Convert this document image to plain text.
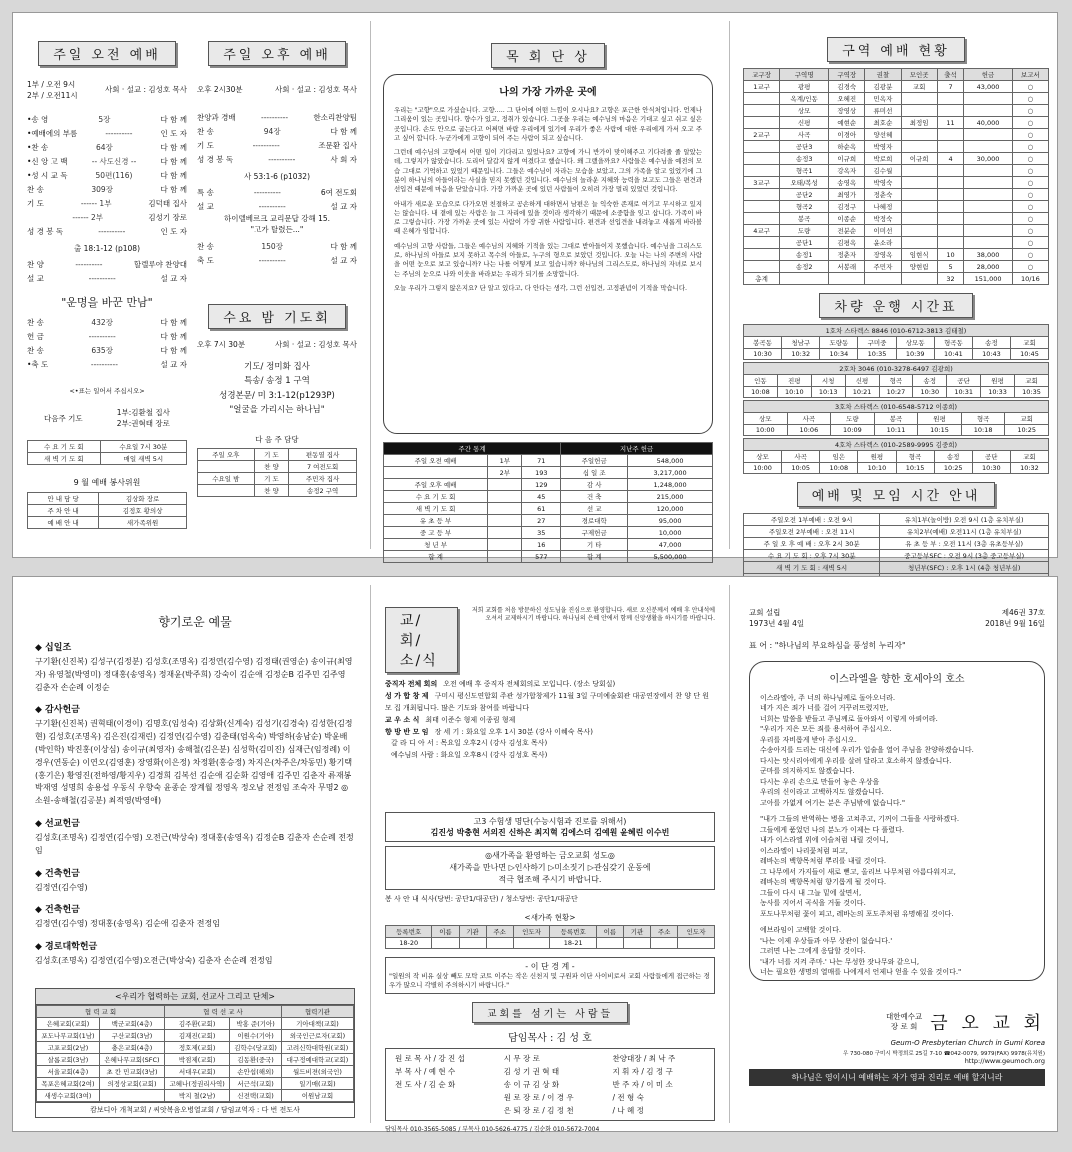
주일 오전 예배
1부 / 오전 9시
2부 / 오전11시
사회 · 설교 : 김성호 목사
•송 영	5장	다 함 께
•예배에의 부름	----------	인 도 자
•찬 송	64장	다 함 께
•신 앙 고 백	-- 사도신경 --	다 함 께
•성 시 교 독	50편(116)	다 함 께
찬 송	309장	다 함 께
기 도	------ 1부	김덕태 집사
------ 2부	김성기 장로
성 경 봉 독	----------	인 도 자
출 18:1-12 (p108)
찬 양	----------	할렐루야 찬양대
설 교	----------	설 교 자
"운명을 바꾼 만남"
찬 송	432장	다 함 께
헌 금	----------	다 함 께
찬 송	635장	다 함 께
•축 도	----------	설 교 자
<•표는 일어서 주십시오>
다음주 기도
1부:김환철 집사
2부:권혁태 장로
수 요 기 도 회	수요일 7시 30분
새 벽 기 도 회	매일 새벽 5시
9 월 예배 봉사위원
안 내 담 당	김상화 장로
주 차 안 내	김정호 황의상
예 배 안 내	새가족위원
주일 오후 예배
오후 2시30분	사회 · 설교 : 김성호 목사
찬양과 경배	----------	한소리찬양팀
찬 송	94장	다 함 께
기 도	----------	조문환 집사
성 경 봉 독	----------	사 회 자
사 53:1-6 (p1032)
특 송	----------	6여 전도회
설 교	----------	설 교 자
하이델베르크 교리문답 강해 15.
"고가 탈렸든..."
찬 송	150장	다 함 께
축 도	----------	설 교 자
수요 밤 기도회
오후 7시 30분	사회 · 설교 : 김성호 목사
기도/ 정미화 집사
특송/ 송정 1 구역
성경본문/ 미 3:1-12(p1293P)
"얼굴을 가리시는 하나님"
다 음 주 담당
주일 오후	기 도	편동열 집사
	찬 양	7 여전도회
수요일 밤	기 도	주민자 집사
	찬 양	송정2 구역
목 회 단 상
나의 가장 가까운 곳에

우리는 "고향"으로 가셨습니다. 고향..... 그 단어에 어떤 느낌이 오시나요? 고향은 포근한 안식처입니다. 언제나 그리움이 있는 곳입니다. 향수가 있고, 정취가 있습니다. 그곳을 우리는 예수님의 마음은 기대고 싶고 쉬고 싶은곳입니다. 손도 안으로 굽는다고 어쩌면 바랍 우리에게 있기에 우리가 좋은 사람에 대한 우리에게 가서 오고 주고 싶어 합니다. 누군가에게 고향이 되어 주는 사람이 되고 싶습니다.

그런데 예수님의 고향에서 어떤 일이 기다리고 있었나요? 고향에 가니 반가이 맞이해주고 기다려줄 줄 알았는데, 그렇지가 않았습니다. 도리어 달갑지 않게 여겼다고 했습니다. 왜 그랬을까요? 사람들은 예수님을 예전의 모습 그대로 기억하고 있었기 때문입니다. 그들은 예수님이 자라는 모습을 보았고, 그의 가족을 알고 있었기에 그분이 하나님의 아들이라는 사실을 믿지 못했던 것입니다. 예수님의 놀라운 지혜와 능력을 보고도 그들은 편견과 선입견 때문에 마음을 닫았습니다. 가장 가까운 곳에 있던 사람들이 오히려 가장 멀리 있었던 것입니다.

아내가 새로운 모습으로 다가오면 친절하고 공손하게 대하면서 남편은 늘 익숙한 존재로 여기고 무시하고 있지는 않습니다. 내 곁에 있는 사람은 늘 그 자리에 있을 것이라 생각하기 때문에 소중함을 잊고 삽니다. 가족이 바로 그렇습니다. 가장 가까운 곳에 있는 사람이 가장 귀한 사람입니다. 편견과 선입견을 내려놓고 새롭게 바라볼 때 은혜가 임합니다.

예수님의 고향 사람들, 그들은 예수님의 지혜와 기적을 있는 그대로 받아들이지 못했습니다. 예수님을 그리스도로, 하나님의 아들로 보지 못하고 목수의 아들로, 누구의 형으로 보았던 것입니다. 오늘 나는 나의 주변의 사람을 어떤 눈으로 보고 있습니까? 나는 나를 어떻게 보고 있습니까? 하나님의 그리스도로, 하나님의 자녀로 보시는 주님의 눈으로 나와 이웃을 바라보는 우리가 되기를 소망합니다.

오늘 우리가 그렇지 않은지요? 단 알고 있다고, 다 안다는 생각, 그런 선입견, 고정관념이 기적을 막습니다.

주간 통계			지난주 헌금	
주일 오전 예배	1부	71	주일헌금	548,000
	2부	193	십 일 조	3,217,000
주일 오후 예배		129	감 사	1,248,000
수 요 기 도 회		45	건 축	215,000
새 벽 기 도 회		61	선 교	120,000
유 초 등 부		27	경로대학	95,000
중 고 등 부		35	구제헌금	10,000
청 년 부		16	기 타	47,000
합 계		577	합 계	5,500,000
구역 예배 현황
교구장	구역명	구역장	권찰	모인곳	출석	헌금	보고서
1교구	광평	김경숙	김광분	교회	7	43,000	○
	옥계/인동	오혜진	민옥자				○
	상모	장영상	류미선				○
	신평	예현순	최호순	최정임	11	40,000	○
2교구	사곡	이경아	양선혜				○
	공단3	하순옥	박영자				○
	송정3	이규희	박로희	이규희	4	30,000	○
	형곡1	강옥자	김수월				○
3교구	오태/복성	송영옥	박영숙				○
	공단2	최영가	정춘숙				○
	형곡2	김정구	나혜정				○
	봉곡	이종순	박정숙				○
4교구	도량	전분순	이미선				○
	공단1	김평옥	윤소라				○
	송정1	정춘자	장영옥	임현식	10	38,000	○
	송정2	서봉래	주민자	양현림	5	28,000	○
총계					32	151,000	10/16
차량 운행 시간표
1호차 스타렉스 8846 (010-6712-3813 김태철)							
봉곡동	청남구	도량동	구미중	상모동	형곡동	송정	교회
10:30	10:32	10:34	10:35	10:39	10:41	10:43	10:45
2호차 3046 (010-3278-6497 김광희)								
인동	진평	시청	신평	형곡	송정	공단	원평	교회
10:08	10:10	10:13	10:21	10:27	10:30	10:31	10:33	10:35
3호차 스타렉스 (010-6548-5712 이종희)						
상모	사곡	도량	봉곡	원평	형곡	교회
10:00	10:06	10:09	10:11	10:15	10:18	10:25
4호차 스타렉스 (010-2589-9995 김중희)							
상모	사곡	임은	원평	형곡	송정	공단	교회
10:00	10:05	10:08	10:10	10:15	10:25	10:30	10:32
예배 및 모임 시간 안내
주일오전 1부예배 : 오전 9시	유치1부(놀이방) 오전 9시 (1층 유치부실)
주일오전 2부예배 : 오전 11시	유치2부(예배) 오전11시 (1층 유치부실)
주 일 오 후 예 배 : 오후 2시 30분	유 초 등 부 : 오전 11시 (3층 유초등부실)
수 요 기 도 회 : 오후 7시 30분	중고등부SFC : 오전 9시 (3층 중고등부실)
새 벽 기 도 회 : 새벽 5시	청년부(SFC) : 오후 1시 (4층 청년부실)

향기로운 예물
◆ 십일조
구기환(신진복) 김성구(김정분) 김성호(조명옥) 김정연(김수영) 김정태(권영순) 송이규(최영자) 유영철(박영미) 정대홍(송영옥) 정재윤(박주희) 강숙이 김순애 김정순B 김주민 김주영 김춘자 손순례 이정순
◆ 감사헌금
구기환(신진복) 권혁태(이경이) 김명호(임성숙) 김상화(신계숙) 김성기(김경숙) 김성한(김정현) 김성호(조명옥) 김은진(김재린) 김정연(김수영) 김춘태(엄옥숙) 박영하(송남순) 박윤배(박인학) 박진홍(이상심) 송이규(최영자) 송해철(김은분) 심성학(김미진) 심재근(임정례) 이경우(연동순) 이연오(김영훈) 장영화(이은정) 차정환(홍승정) 차지은(차주은/차동민) 황기택(홍기은) 황영진(전하영/황지우) 김경희 김복선 김순애 김순화 김영애 김주민 김춘자 류재봉 박재영 성명희 송용섭 우동식 우향숙 윤종순 장계월 정영옥 정오남 전정임 조숙자 무명2 ◎소원-송해철(김공분) 최적영(박영애)
◆ 선교헌금
김성호(조명옥) 김정연(김수영) 오전근(박상숙) 정대홍(송영옥) 김정순B 김춘자 손순례 전정임
◆ 건축헌금
김정연(김수영)
◆ 건축헌금
김정연(김수영) 정대홍(송영옥) 김순애 김춘자 전정임
◆ 경로대학헌금
김성호(조명옥) 김정연(김수영)오전근(박상숙) 김춘자 손순례 전정임
<우리가 협력하는 교회, 선교사 그리고 단체>
협 력 교 회		협 력 선 교 사		협력기관
은혜교회(교회)	백군교회(4층)	김주환(교회)	박홍 준(기아)	기아대책(교회)
포도나무교회(1남)	구산교회(3남)	김재진(교회)	이원수(기아)	외국인근로자(교회)
고포교회(2남)	충은교회(4층)	정호제(교회)	김학수(당교회)	고려신학대학원(교회)
살롬교회(3남)	은혜나무교회(SFC)	박점제(교회)	김동환(중국)	대구정예대학교(교회)
서울교회(4층)	초 칸 민교회(3남)	서대우(교회)	손안섭(해외)	월드비젼(외국인)
목포은혜교회(2여)	의정상교회(교회)	고혜나(정권리사역)	서근석(교회)	일기매(교회)
새생수교회(3여)		박지 철(2남)	신전택(교회)	이원남교회
캄보디아 개척교회 / 씨앗복음오병열교회 / 담임교역자 : 다 번 전도사
교/회/소/식
저희 교회를 처음 방문하신 성도님을 진심으로 환영합니다. 새로 오신분께서 예배 후 안내석에 오셔서 교제하시기 바랍니다. 하나님의 은혜 안에서 함께 신앙생활을 하시기를 바랍니다.
중직자 전체 회의 오전 예배 후 중직자 전체회의로 모입니다. (장소 당회실)
성 가 합 창 제 구미시 평신도연합회 주관 성가합창제가 11월 3일 구미예술회관 대공연장에서 찬 양 단 원 모 집 개최됩니다. 많은 기도와 참여를 바랍니다
교 우 소 식 최태 이준수 형제 이종림 형제
향 방 반 모 임 장 세 기 : 화요일 오후 1시 30분 (강사 이혜숙 목사)
갈 라 디 아 서 : 목요일 오후2시 (강사 김성호 목사)
예수님의 사람 : 화요일 오후8시 (강사 김성호 목사)
고3 수험생 명단(수능시험과 진로를 위해서)
김진성 박충현 서의진 신하은 최지혁 김에스더 김예원 윤혜린 이수빈
◎새가족을 환영하는 금오교회 성도◎
새가족을 만나면 ▷인사하기 ▷미소짓기 ▷관심갖기 운동에
적극 협조해 주시기 바랍니다.
봉 사 안 내 식사(당번: 공단1/대공단) / 청소당번: 공단1/대공단
<새가족 현황>
등록번호	이름	기관	주소	인도자	등록번호	이름	기관	주소	인도자
18-20					18-21				
- 이 단 경 계 -
"일원의 작 비유 실상 빼도 모탁 코트 이주는 작은 신천지 및 구원파 이단 사이비로서 교회 사람들에게 접근하는 경우가 많으니 각별히 주의하시기 바랍니다."
교회를 섬기는 사람들
담임목사 : 김 성 호
원 로 목 사 / 강 진 섭	시 무 장 로	찬양대장 / 최 낙 주
부 목 사 / 예 현 수	김 성 기 권 혁 태	지 휘 자 / 김 정 구
전 도 사 / 김 순 화	송 이 규 김 상 화	반 주 자 / 이 미 소
	원 로 장 로 / 이 경 우	/ 전 형 숙
	은 퇴 장 로 / 김 정 천	/ 나 혜 정
담임목사 010-3565-5085 / 부목사 010-5626-4775 / 김순화 010-5672-7004
교회 설립
1973년 4월 4일
제46권 37호
2018년 9월 16일
표 어 : "하나님의 부요하심을 풍성히 누리자"
이스라엘을 향한 호세아의 호소
이스라엘아, 주 너의 하나님께로 돌아오너라.
네가 지은 죄가 너를 걸어 거꾸러뜨렸지만,
너희는 말씀을 받들고 주님께로 돌아와서 이렇게 아뢰어라.
"우리가 지은 모든 죄를 용서하여 주십시오.
우리를 자비롭게 받아 주십시오.
수송아지를 드리는 대신에 우리가 입술을 열어 주님을 찬양하겠습니다.
다시는 앗시리아에게 우리를 살려 달라고 호소하지 않겠습니다.
군마를 의지하지도 않겠습니다.
다시는 우리 손으로 만들어 놓은 우상을
우리의 신이라고 고백하지도 않겠습니다.
고아를 가엾게 여기는 분은 주님밖에 없습니다."
"내가 그들의 반역하는 병을 고쳐주고, 기꺼이 그들을 사랑하겠다.
그들에게 품었던 나의 분노가 이제는 다 풀렸다.
내가 이스라엘 위에 이슬처럼 내릴 것이니,
이스라엘이 나리꽃처럼 피고,
레바논의 백향목처럼 뿌리를 내릴 것이다.
그 나무에서 가지들이 새로 뻗고, 올리브 나무처럼 아름다워지고,
레바논의 백향목처럼 향기롭게 될 것이다.
그들이 다시 내 그늘 밑에 살면서,
농사를 지어서 곡식을 거둘 것이다.
포도나무처럼 꽃이 피고, 레바논의 포도주처럼 유명해질 것이다.
에브라임이 고백할 것이다.
'나는 이제 우상들과 아무 상관이 없습니다.'
그러면 나는 그에게 응답할 것이다.
'내가 너를 지켜 주마.' 나는 무성한 잣나무와 같으니,
너는 필요한 생명의 열매를 나에게서 언제나 얻을 수 있을 것이다."
대한예수교
장 로 회 금 오 교 회
Geum-O Presbyterian Church in Gumi Korea
우 730-080 구미시 박정희로 25길 7-10 ☎042-0079, 9979(FAX) 9978(유치원)
http://www.geumoch.org
하나님은 영이시니 예배하는 자가 영과 진리로 예배 할지니라
